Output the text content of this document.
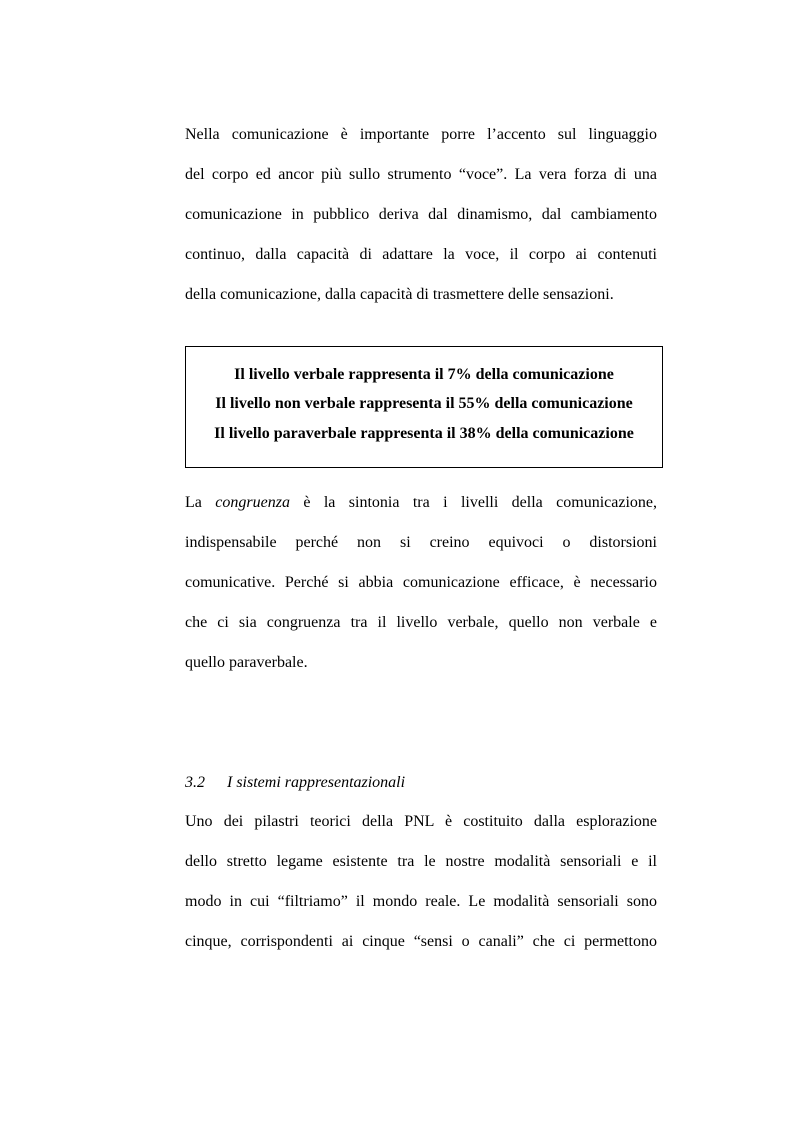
Nella comunicazione è importante porre l’accento sul linguaggio
del corpo ed ancor più sullo strumento “voce”. La vera forza di una
comunicazione in pubblico deriva dal dinamismo, dal cambiamento
continuo, dalla capacità di adattare la voce, il corpo ai contenuti
della comunicazione, dalla capacità di trasmettere delle sensazioni.
Il livello verbale rappresenta il 7% della comunicazione
Il livello non verbale rappresenta il 55% della comunicazione
Il livello paraverbale rappresenta il 38% della comunicazione
La congruenza è la sintonia tra i livelli della comunicazione,
indispensabile perché non si creino equivoci o distorsioni
comunicative. Perché si abbia comunicazione efficace, è necessario
che ci sia congruenza tra il livello verbale, quello non verbale e
quello paraverbale.
3.2 I sistemi rappresentazionali
Uno dei pilastri teorici della PNL è costituito dalla esplorazione
dello stretto legame esistente tra le nostre modalità sensoriali e il
modo in cui “filtriamo” il mondo reale. Le modalità sensoriali sono
cinque, corrispondenti ai cinque “sensi o canali” che ci permettono
